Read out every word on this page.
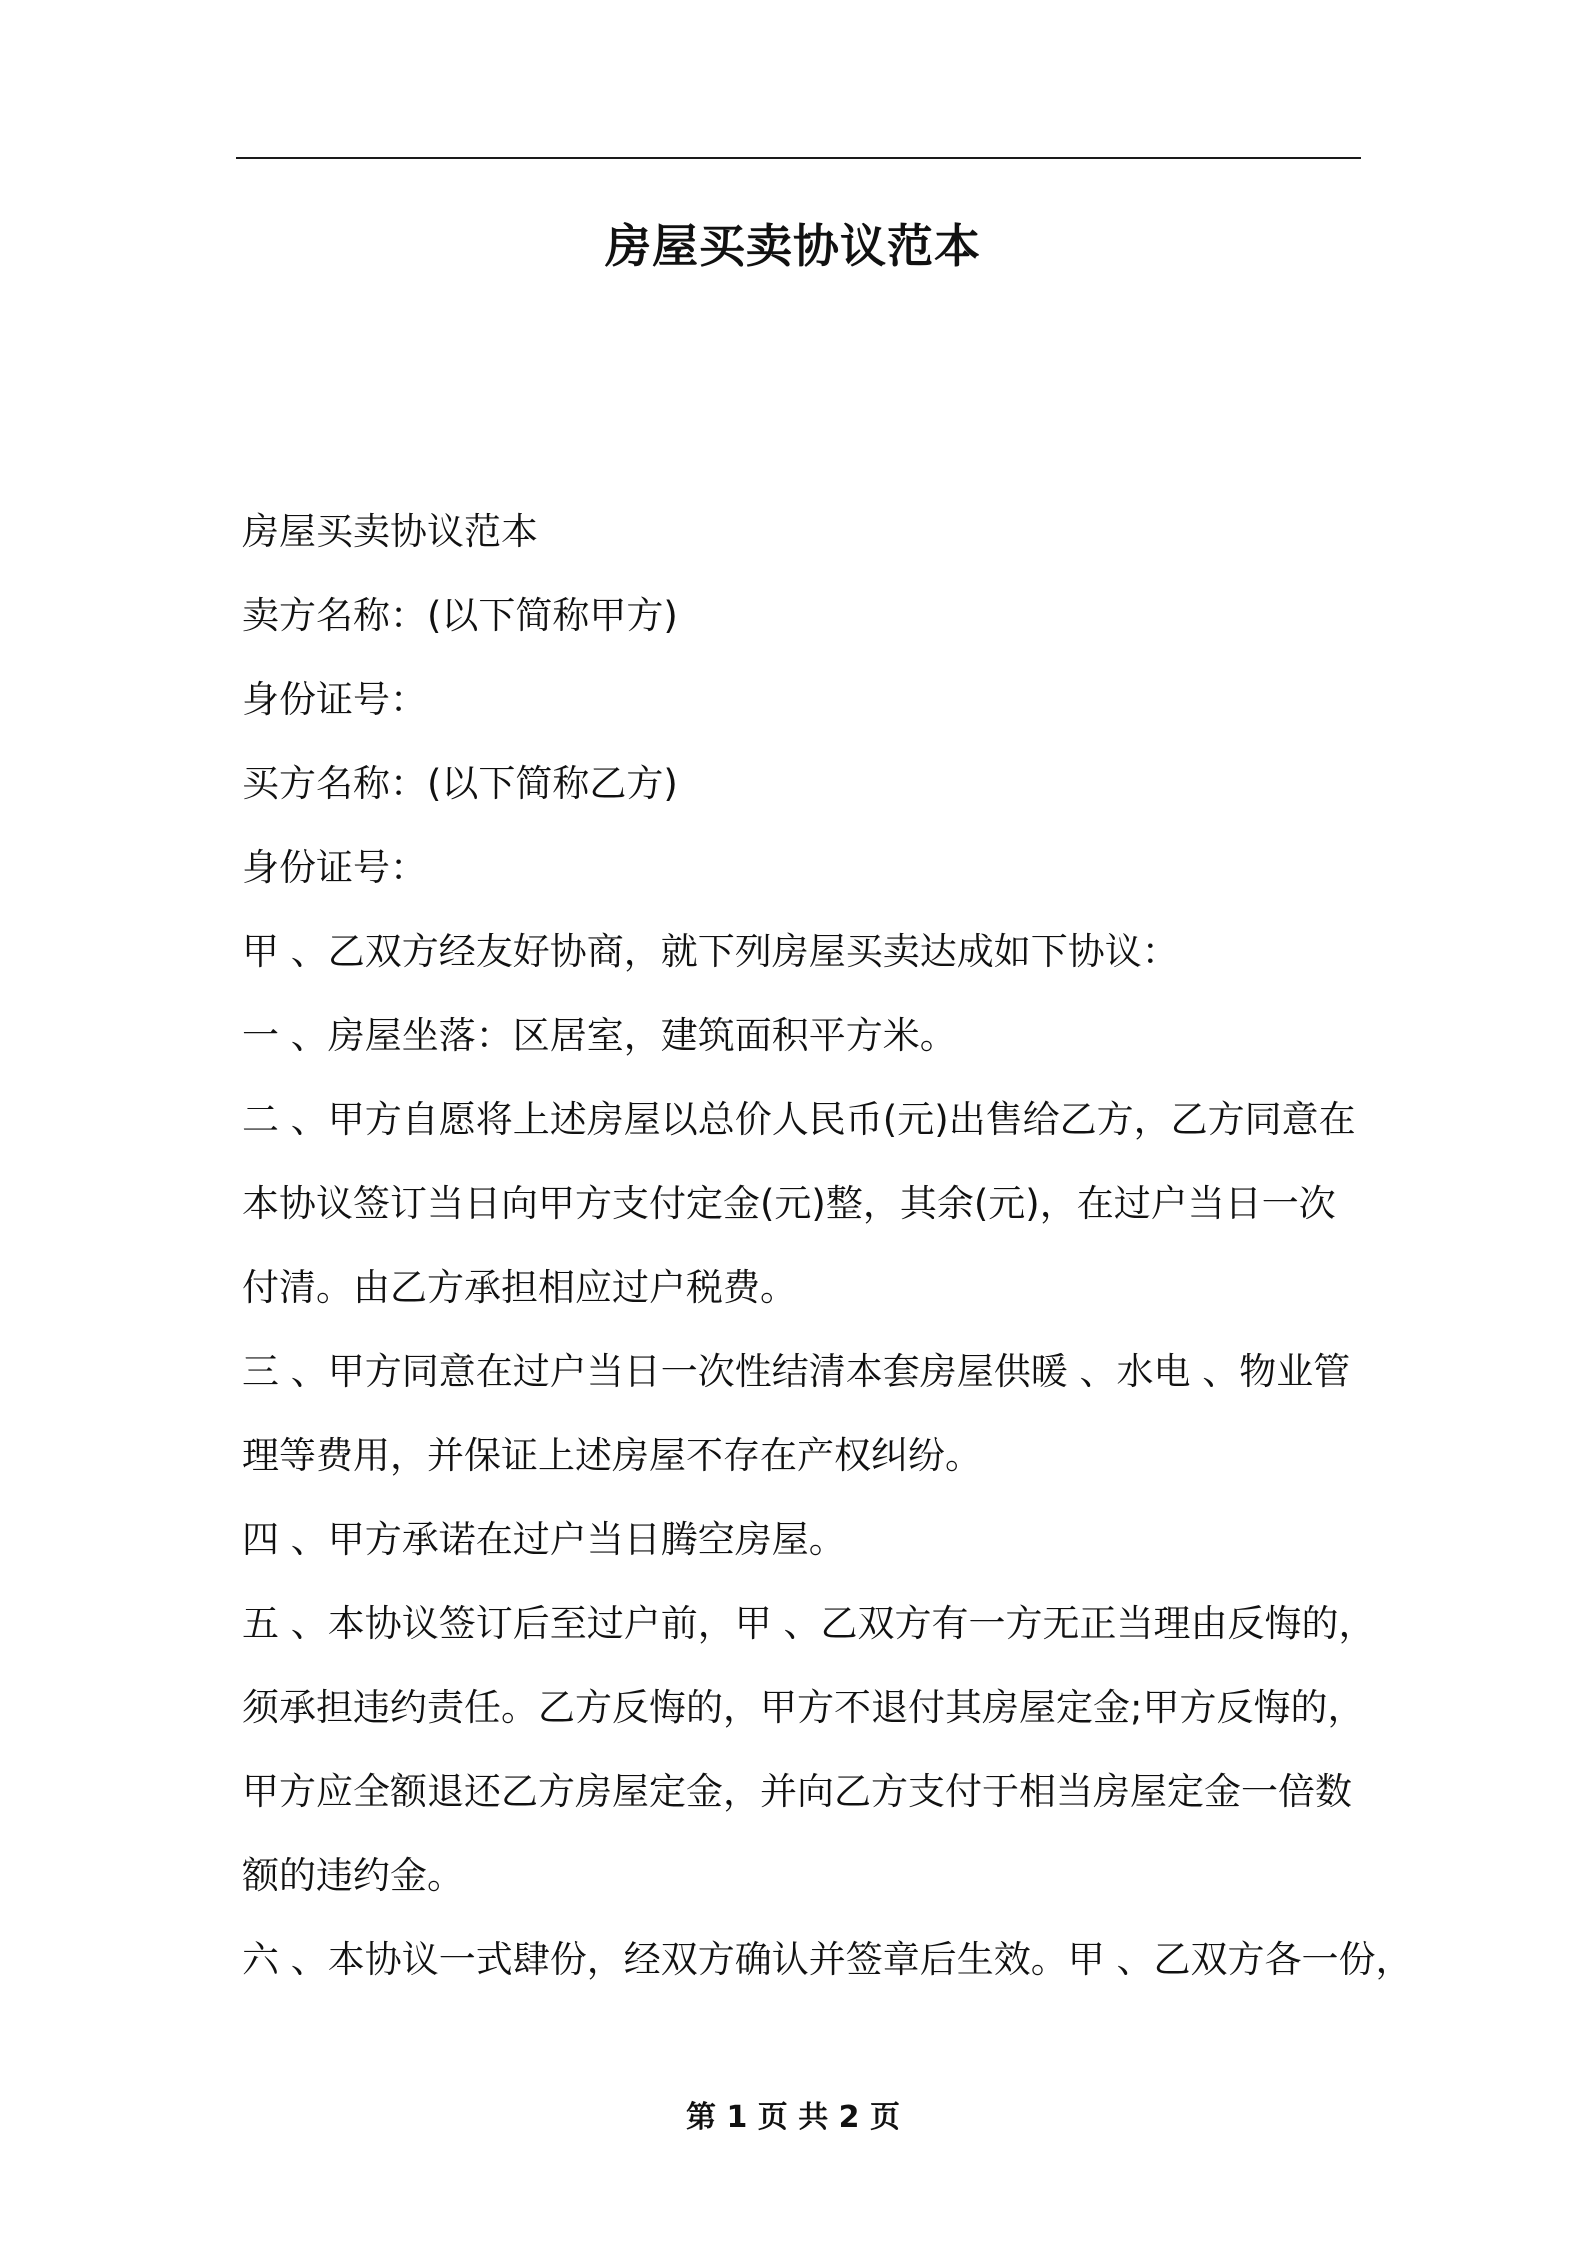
房屋买卖协议范本
房屋买卖协议范本
卖方名称：(以下简称甲方)
身份证号：
买方名称：(以下简称乙方)
身份证号：
甲 、乙双方经友好协商，就下列房屋买卖达成如下协议：
一 、房屋坐落：区居室，建筑面积平方米。
二 、甲方自愿将上述房屋以总价人民币(元)出售给乙方，乙方同意在
本协议签订当日向甲方支付定金(元)整，其余(元)，在过户当日一次
付清。由乙方承担相应过户税费。
三 、甲方同意在过户当日一次性结清本套房屋供暖 、水电 、物业管
理等费用，并保证上述房屋不存在产权纠纷。
四 、甲方承诺在过户当日腾空房屋。
五 、本协议签订后至过户前，甲 、乙双方有一方无正当理由反悔的，
须承担违约责任。乙方反悔的，甲方不退付其房屋定金;甲方反悔的，
甲方应全额退还乙方房屋定金，并向乙方支付于相当房屋定金一倍数
额的违约金。
六 、本协议一式肆份，经双方确认并签章后生效。甲 、乙双方各一份，
第 1 页 共 2 页
